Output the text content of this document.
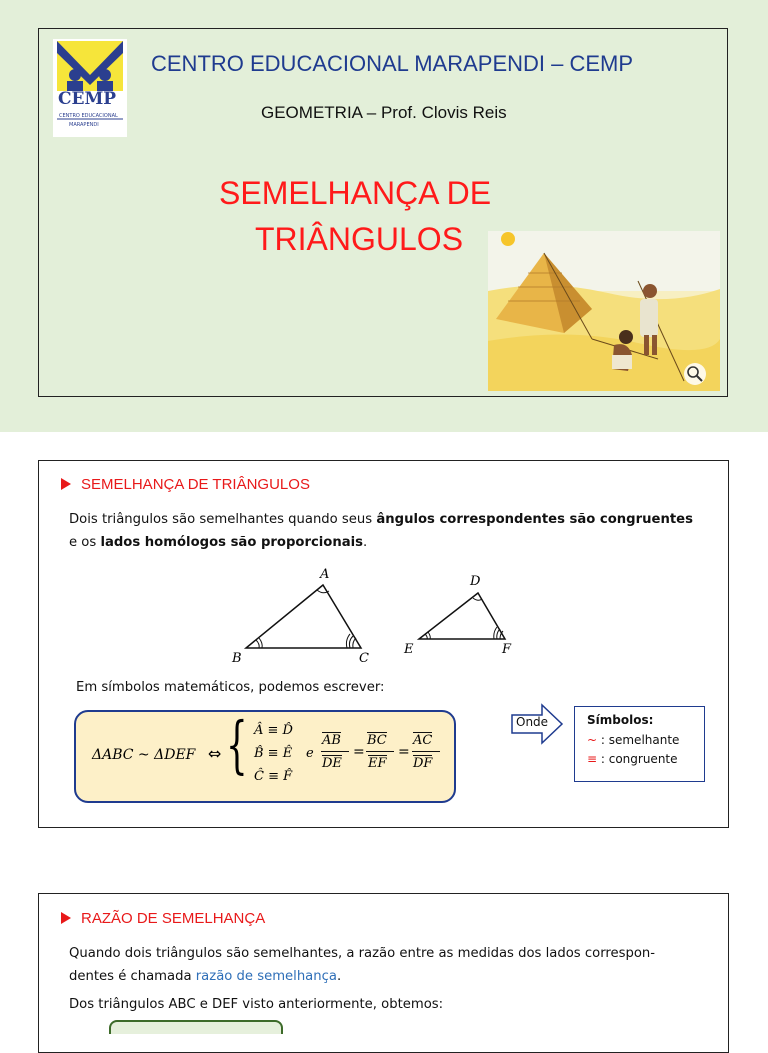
CEMP
CENTRO EDUCACIONAL
MARAPENDI
CENTRO EDUCACIONAL MARAPENDI – CEMP
GEOMETRIA – Prof. Clovis Reis
SEMELHANÇA DE
TRIÂNGULOS
SEMELHANÇA DE TRIÂNGULOS
Dois triângulos são semelhantes quando seus ângulos correspondentes são congruentes
e os lados homólogos são proporcionais.
A
B	C
D
E	F
Em símbolos matemáticos, podemos escrever:
ΔABC ~ ΔDEF ⇔ { Â ≡ D̂
B̂ ≡ Ê
Ĉ ≡ F̂
e
AB
DE
=
BC
EF
=
AC
DF
Onde	Símbolos:
~ : semelhante
≡ : congruente
RAZÃO DE SEMELHANÇA
Quando dois triângulos são semelhantes, a razão entre as medidas dos lados correspon-
dentes é chamada razão de semelhança.
Dos triângulos ABC e DEF visto anteriormente, obtemos:
